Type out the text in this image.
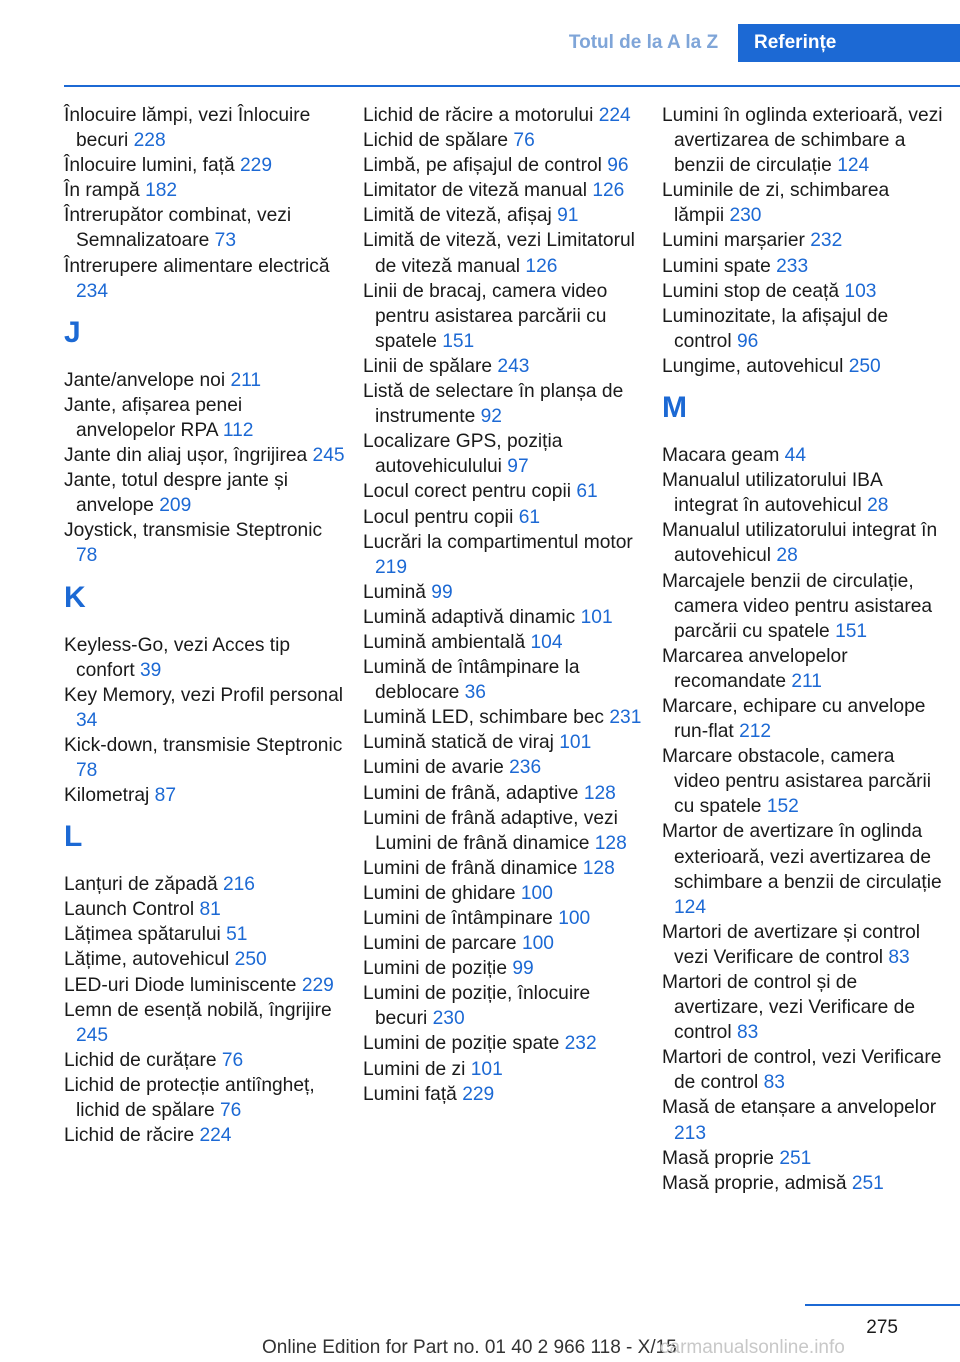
Totul de la A la Z	Referințe
Înlocuire lămpi, vezi Înlocuire becuri 228
Înlocuire lumini, față 229
În rampă 182
Întrerupător combinat, vezi Semnalizatoare 73
Întrerupere alimentare electrică 234
J
Jante/anvelope noi 211
Jante, afișarea penei anvelopelor RPA 112
Jante din aliaj ușor, îngrijirea 245
Jante, totul despre jante și anvelope 209
Joystick, transmisie Steptronic 78
K
Keyless-Go, vezi Acces tip confort 39
Key Memory, vezi Profil personal 34
Kick-down, transmisie Steptronic 78
Kilometraj 87
L
Lanțuri de zăpadă 216
Launch Control 81
Lățimea spătarului 51
Lățime, autovehicul 250
LED-uri Diode luminiscente 229
Lemn de esență nobilă, îngrijire 245
Lichid de curățare 76
Lichid de protecție antiîngheț, lichid de spălare 76
Lichid de răcire 224
Lichid de răcire a motorului 224
Lichid de spălare 76
Limbă, pe afișajul de control 96
Limitator de viteză manual 126
Limită de viteză, afișaj 91
Limită de viteză, vezi Limitatorul de viteză manual 126
Linii de bracaj, camera video pentru asistarea parcării cu spatele 151
Linii de spălare 243
Listă de selectare în planșa de instrumente 92
Localizare GPS, poziția autovehiculului 97
Locul corect pentru copii 61
Locul pentru copii 61
Lucrări la compartimentul motor 219
Lumină 99
Lumină adaptivă dinamic 101
Lumină ambientală 104
Lumină de întâmpinare la deblocare 36
Lumină LED, schimbare bec 231
Lumină statică de viraj 101
Lumini de avarie 236
Lumini de frână, adaptive 128
Lumini de frână adaptive, vezi Lumini de frână dinamice 128
Lumini de frână dinamice 128
Lumini de ghidare 100
Lumini de întâmpinare 100
Lumini de parcare 100
Lumini de poziție 99
Lumini de poziție, înlocuire becuri 230
Lumini de poziție spate 232
Lumini de zi 101
Lumini față 229
Lumini în oglinda exterioară, vezi avertizarea de schimbare a benzii de circulație 124
Luminile de zi, schimbarea lămpii 230
Lumini marșarier 232
Lumini spate 233
Lumini stop de ceață 103
Luminozitate, la afișajul de control 96
Lungime, autovehicul 250
M
Macara geam 44
Manualul utilizatorului IBA integrat în autovehicul 28
Manualul utilizatorului integrat în autovehicul 28
Marcajele benzii de circulație, camera video pentru asistarea parcării cu spatele 151
Marcarea anvelopelor recomandate 211
Marcare, echipare cu anvelope run-flat 212
Marcare obstacole, camera video pentru asistarea parcării cu spatele 152
Martor de avertizare în oglinda exterioară, vezi avertizarea de schimbare a benzii de circulație 124
Martori de avertizare și control vezi Verificare de control 83
Martori de control și de avertizare, vezi Verificare de control 83
Martori de control, vezi Verificare de control 83
Masă de etanșare a anvelopelor 213
Masă proprie 251
Masă proprie, admisă 251
275
Online Edition for Part no. 01 40 2 966 118 - X/15
carmanualsonline.info
